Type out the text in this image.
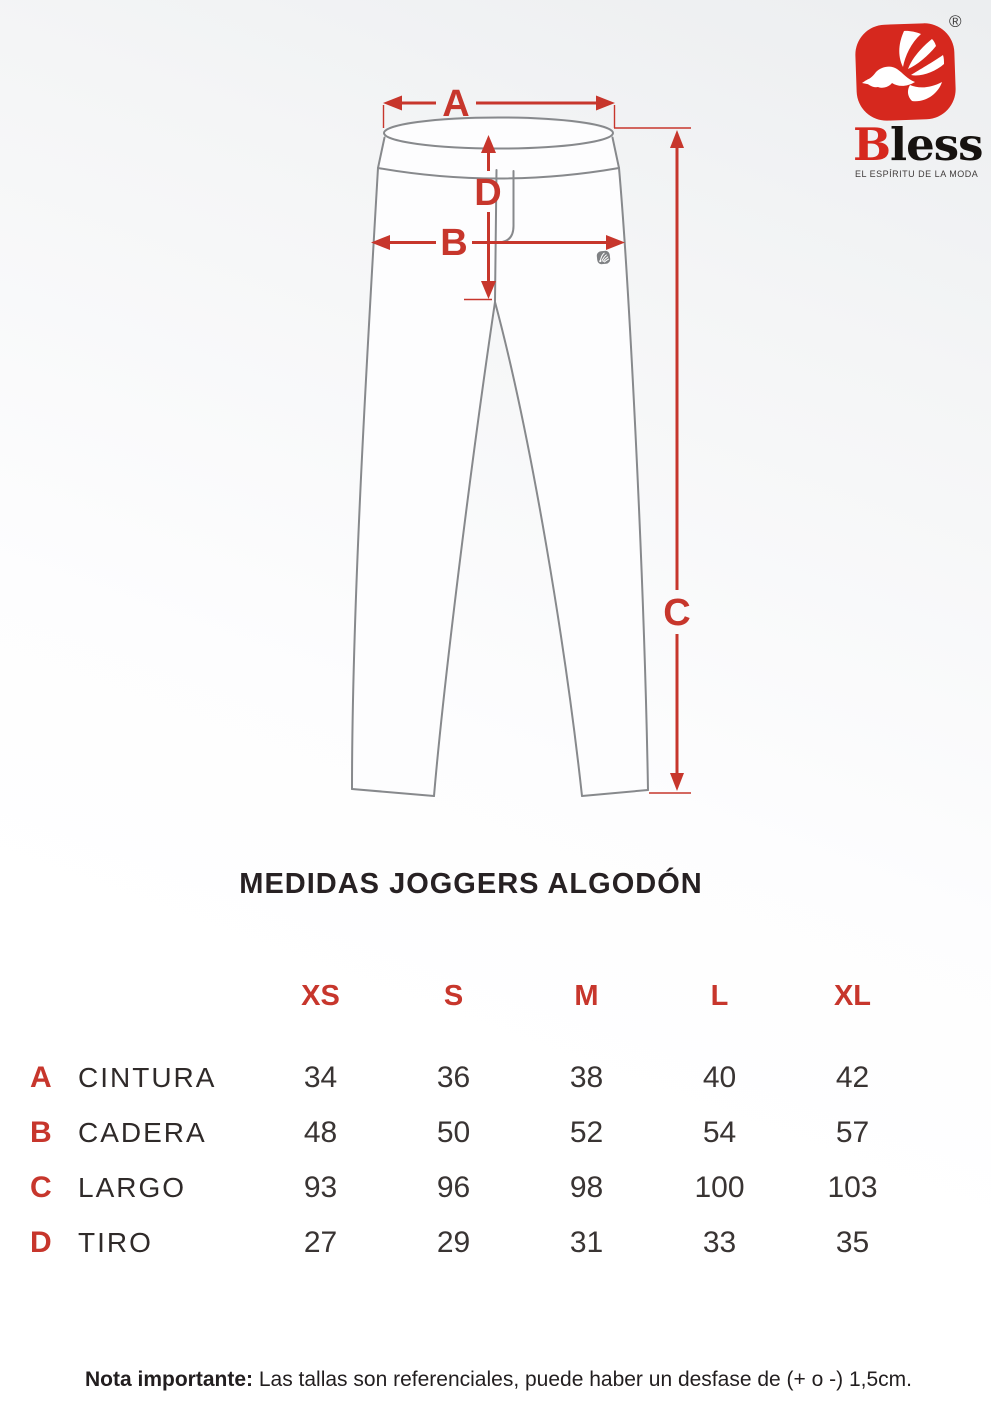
A
B
D
C
®
Bless
EL ESPÍRITU DE LA MODA
MEDIDAS JOGGERS ALGODÓN
XS	S	M	L	XL
A CINTURA	34	36	38	40	42
B CADERA	48	50	52	54	57
C LARGO	93	96	98	100	103
D TIRO	27	29	31	33	35
Nota importante: Las tallas son referenciales, puede haber un desfase de (+ o -) 1,5cm.
